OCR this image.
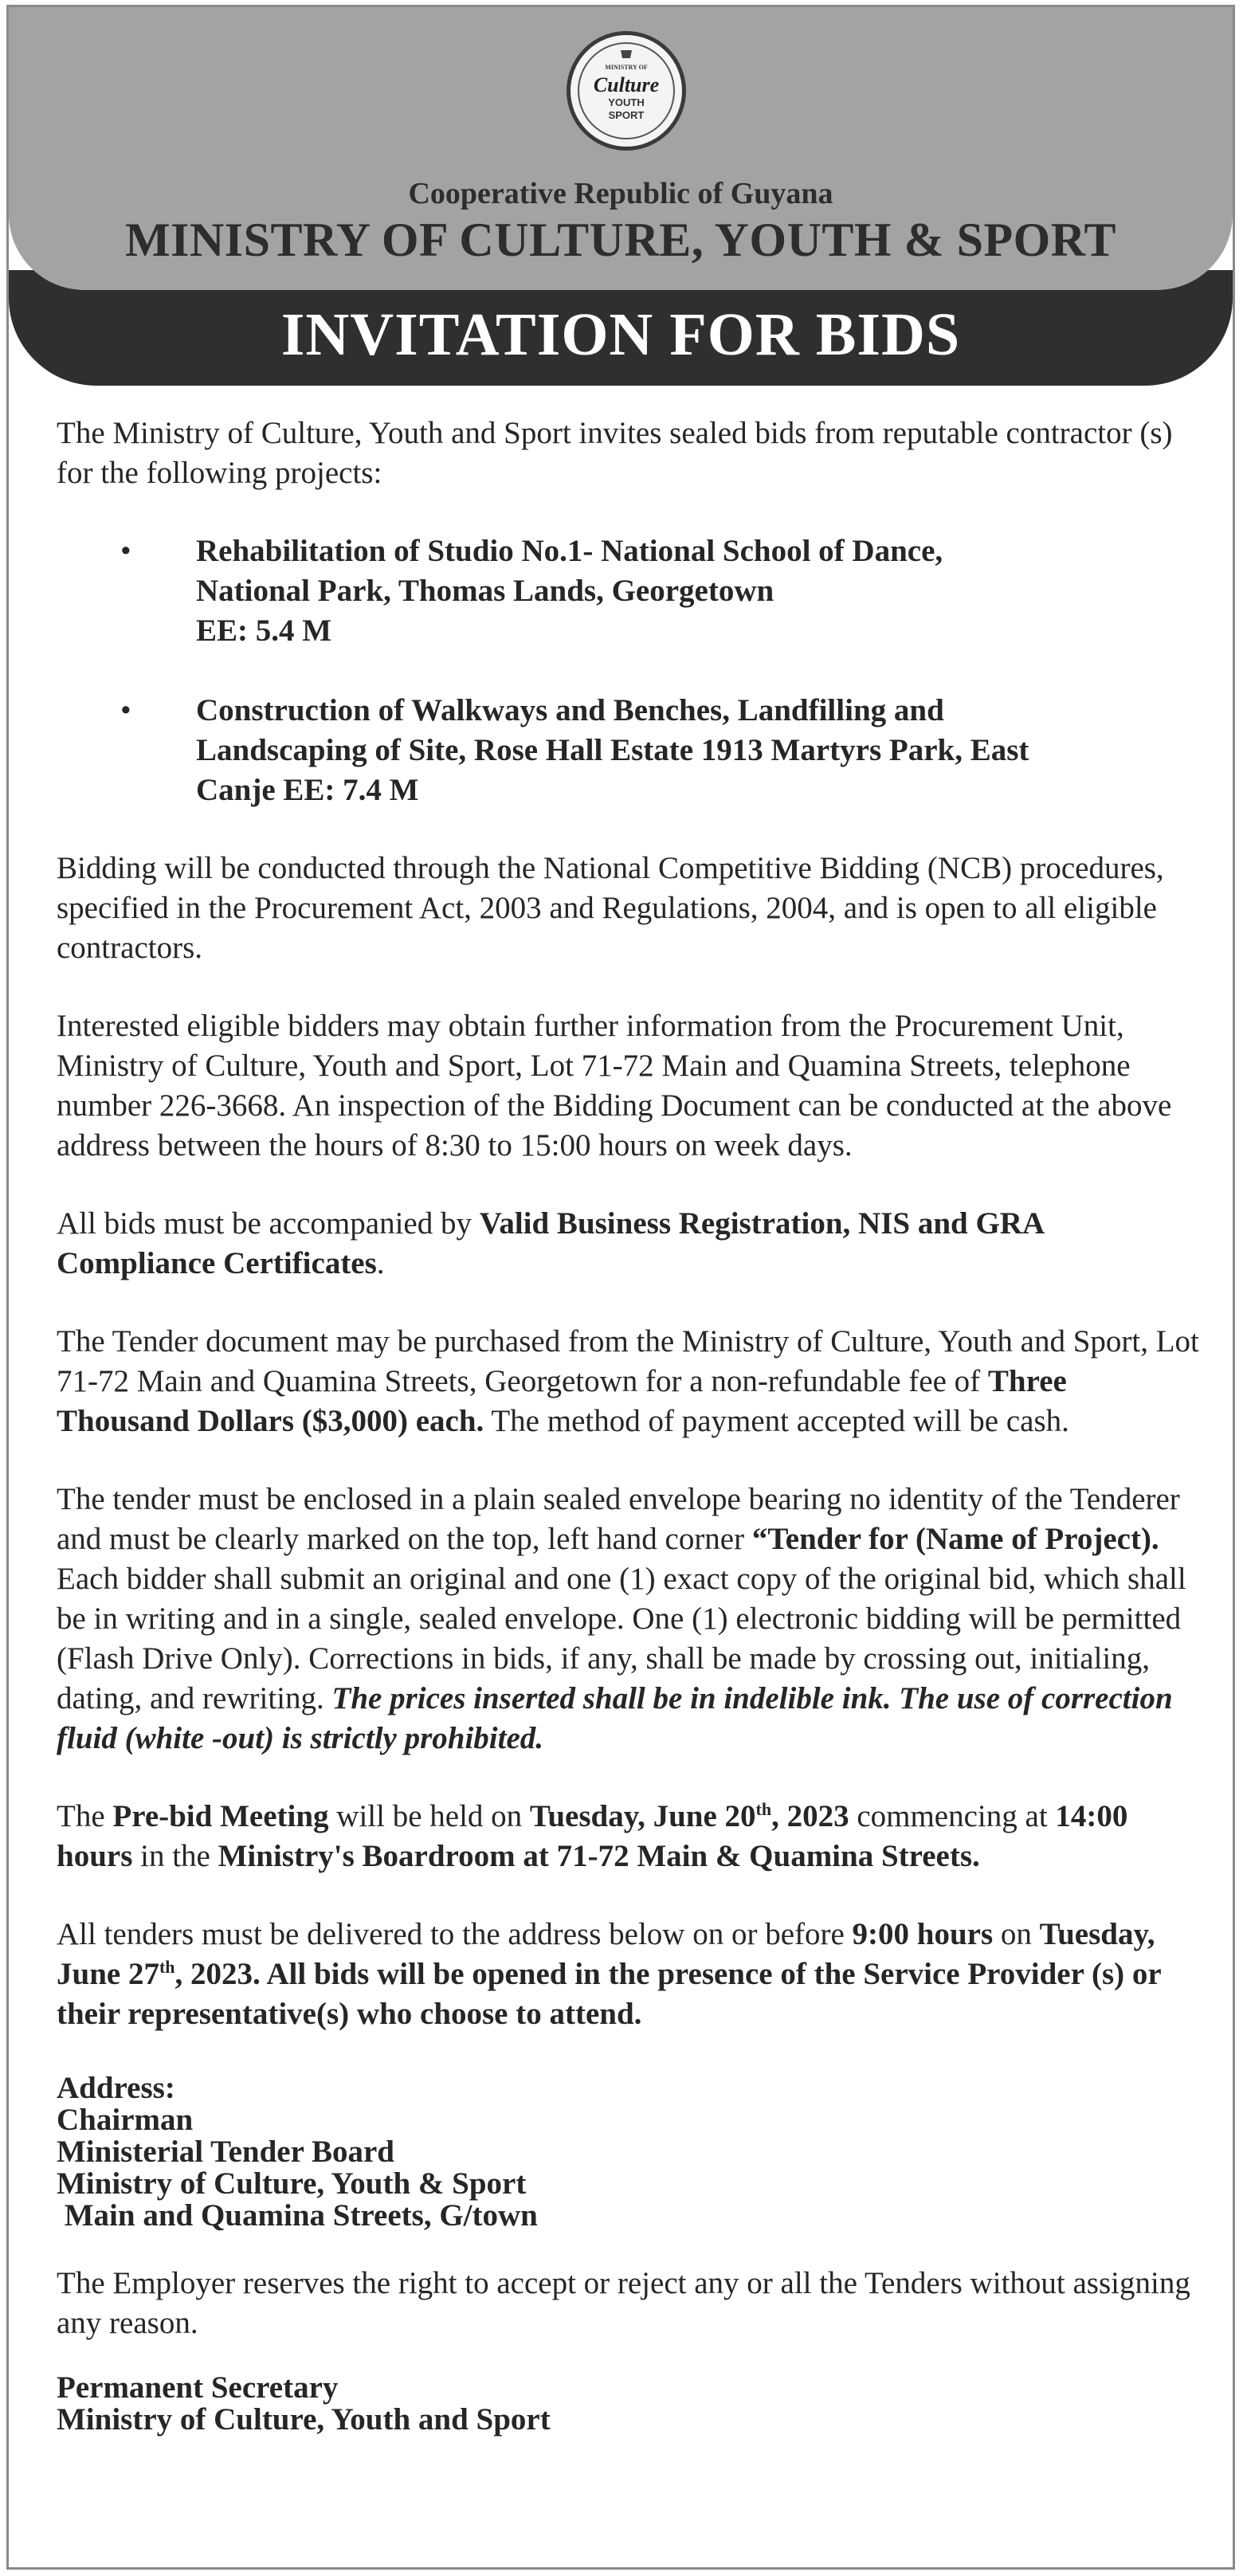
MINISTRY OF
Culture
YOUTH
SPORT
Cooperative Republic of Guyana
MINISTRY OF CULTURE, YOUTH & SPORT
INVITATION FOR BIDS

The Ministry of Culture, Youth and Sport invites sealed bids from reputable contractor (s) for the following projects:

• Rehabilitation of Studio No.1- National School of Dance,
National Park, Thomas Lands, Georgetown
EE: 5.4 M
• Construction of Walkways and Benches, Landfilling and
Landscaping of Site, Rose Hall Estate 1913 Martyrs Park, East
Canje EE: 7.4 M

Bidding will be conducted through the National Competitive Bidding (NCB) procedures, specified in the Procurement Act, 2003 and Regulations, 2004, and is open to all eligible contractors.

Interested eligible bidders may obtain further information from the Procurement Unit, Ministry of Culture, Youth and Sport, Lot 71-72 Main and Quamina Streets, telephone number 226-3668. An inspection of the Bidding Document can be conducted at the above address between the hours of 8:30 to 15:00 hours on week days.

All bids must be accompanied by Valid Business Registration, NIS and GRA Compliance Certificates.

The Tender document may be purchased from the Ministry of Culture, Youth and Sport, Lot 71-72 Main and Quamina Streets, Georgetown for a non-refundable fee of Three Thousand Dollars ($3,000) each. The method of payment accepted will be cash.

The tender must be enclosed in a plain sealed envelope bearing no identity of the Tenderer and must be clearly marked on the top, left hand corner “Tender for (Name of Project). Each bidder shall submit an original and one (1) exact copy of the original bid, which shall be in writing and in a single, sealed envelope. One (1) electronic bidding will be permitted (Flash Drive Only). Corrections in bids, if any, shall be made by crossing out, initialing, dating, and rewriting. The prices inserted shall be in indelible ink. The use of correction fluid (white -out) is strictly prohibited.

The Pre-bid Meeting will be held on Tuesday, June 20th, 2023 commencing at 14:00 hours in the Ministry's Boardroom at 71-72 Main & Quamina Streets.

All tenders must be delivered to the address below on or before 9:00 hours on Tuesday, June 27th, 2023. All bids will be opened in the presence of the Service Provider (s) or their representative(s) who choose to attend.

Address:
Chairman
Ministerial Tender Board
Ministry of Culture, Youth & Sport
Main and Quamina Streets, G/town

The Employer reserves the right to accept or reject any or all the Tenders without assigning any reason.

Permanent Secretary
Ministry of Culture, Youth and Sport
